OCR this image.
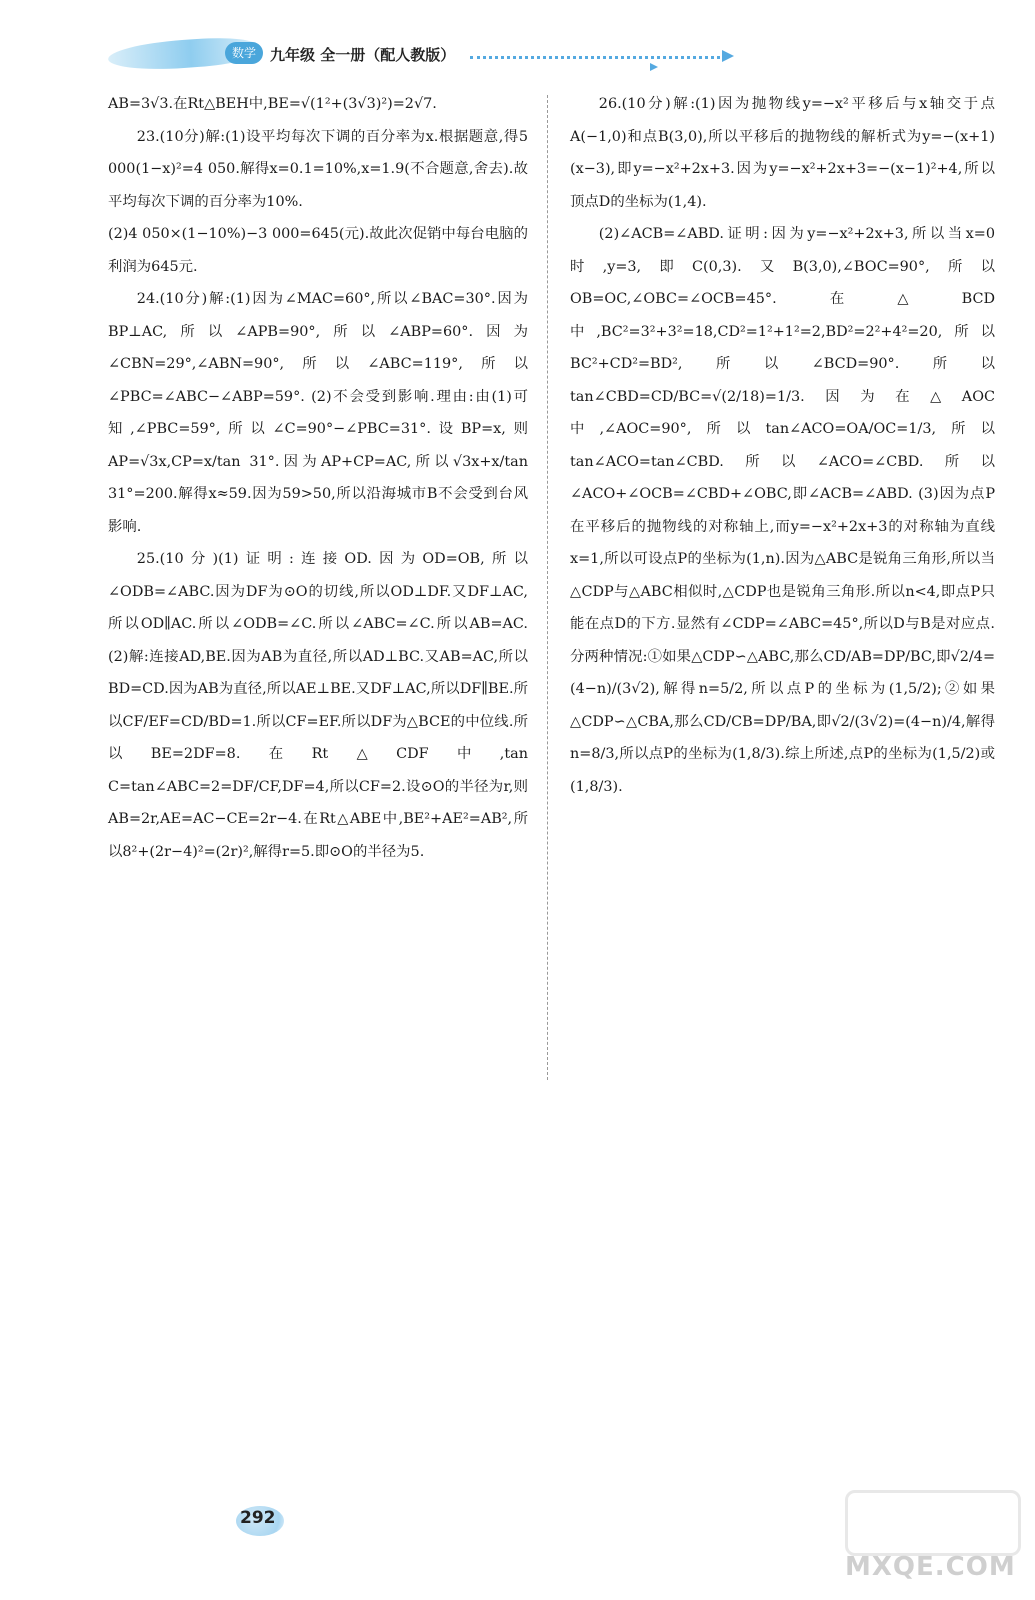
数学 九年级 全一册（配人教版）

AB=3√3.在Rt△BEH中,BE=√(1²+(3√3)²)=2√7.

23.(10分)解:(1)设平均每次下调的百分率为x.根据题意,得5 000(1−x)²=4 050.解得x=0.1=10%,x=1.9(不合题意,舍去).故平均每次下调的百分率为10%.

(2)4 050×(1−10%)−3 000=645(元).故此次促销中每台电脑的利润为645元.

24.(10分)解:(1)因为∠MAC=60°,所以∠BAC=30°.因为BP⊥AC,所以∠APB=90°,所以∠ABP=60°.因为∠CBN=29°,∠ABN=90°,所以∠ABC=119°,所以∠PBC=∠ABC−∠ABP=59°. (2)不会受到影响.理由:由(1)可知,∠PBC=59°,所以∠C=90°−∠PBC=31°.设BP=x,则AP=√3x,CP=x/tan 31°.因为AP+CP=AC,所以√3x+x/tan 31°=200.解得x≈59.因为59>50,所以沿海城市B不会受到台风影响.

25.(10分)(1)证明:连接OD.因为OD=OB,所以∠ODB=∠ABC.因为DF为⊙O的切线,所以OD⊥DF.又DF⊥AC,所以OD∥AC.所以∠ODB=∠C.所以∠ABC=∠C.所以AB=AC. (2)解:连接AD,BE.因为AB为直径,所以AD⊥BC.又AB=AC,所以BD=CD.因为AB为直径,所以AE⊥BE.又DF⊥AC,所以DF∥BE.所以CF/EF=CD/BD=1.所以CF=EF.所以DF为△BCE的中位线.所以BE=2DF=8.在Rt△CDF中,tan C=tan∠ABC=2=DF/CF,DF=4,所以CF=2.设⊙O的半径为r,则AB=2r,AE=AC−CE=2r−4.在Rt△ABE中,BE²+AE²=AB²,所以8²+(2r−4)²=(2r)²,解得r=5.即⊙O的半径为5.

26.(10分)解:(1)因为抛物线y=−x²平移后与x轴交于点A(−1,0)和点B(3,0),所以平移后的抛物线的解析式为y=−(x+1)(x−3),即y=−x²+2x+3.因为y=−x²+2x+3=−(x−1)²+4,所以顶点D的坐标为(1,4).

(2)∠ACB=∠ABD.证明:因为y=−x²+2x+3,所以当x=0时,y=3,即C(0,3).又B(3,0),∠BOC=90°,所以OB=OC,∠OBC=∠OCB=45°.在△BCD中,BC²=3²+3²=18,CD²=1²+1²=2,BD²=2²+4²=20,所以BC²+CD²=BD²,所以∠BCD=90°.所以tan∠CBD=CD/BC=√(2/18)=1/3.因为在△AOC中,∠AOC=90°,所以tan∠ACO=OA/OC=1/3,所以tan∠ACO=tan∠CBD.所以∠ACO=∠CBD.所以∠ACO+∠OCB=∠CBD+∠OBC,即∠ACB=∠ABD. (3)因为点P在平移后的抛物线的对称轴上,而y=−x²+2x+3的对称轴为直线x=1,所以可设点P的坐标为(1,n).因为△ABC是锐角三角形,所以当△CDP与△ABC相似时,△CDP也是锐角三角形.所以n<4,即点P只能在点D的下方.显然有∠CDP=∠ABC=45°,所以D与B是对应点.分两种情况:①如果△CDP∽△ABC,那么CD/AB=DP/BC,即√2/4=(4−n)/(3√2),解得n=5/2,所以点P的坐标为(1,5/2);②如果△CDP∽△CBA,那么CD/CB=DP/BA,即√2/(3√2)=(4−n)/4,解得n=8/3,所以点P的坐标为(1,8/3).综上所述,点P的坐标为(1,5/2)或(1,8/3).

292
MXQE.COM
